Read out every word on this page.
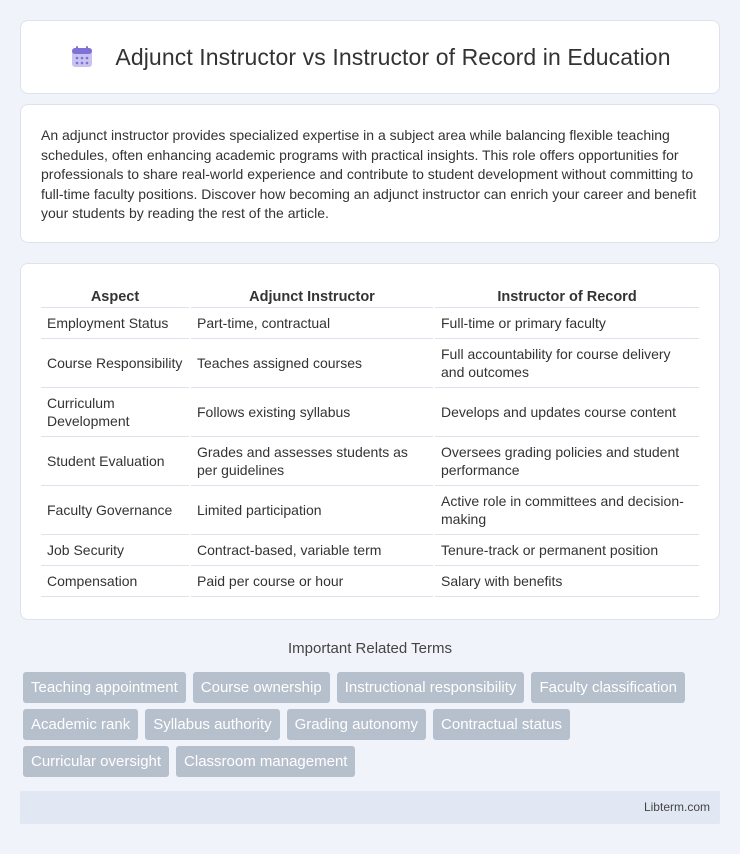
Adjunct Instructor vs Instructor of Record in Education

An adjunct instructor provides specialized expertise in a subject area while balancing flexible teaching schedules, often enhancing academic programs with practical insights. This role offers opportunities for professionals to share real-world experience and contribute to student development without committing to full-time faculty positions. Discover how becoming an adjunct instructor can enrich your career and benefit your students by reading the rest of the article.

Aspect	Adjunct Instructor	Instructor of Record
Employment Status	Part-time, contractual	Full-time or primary faculty
Course Responsibility	Teaches assigned courses	Full accountability for course delivery and outcomes
Curriculum Development	Follows existing syllabus	Develops and updates course content
Student Evaluation	Grades and assesses students as per guidelines	Oversees grading policies and student performance
Faculty Governance	Limited participation	Active role in committees and decision-making
Job Security	Contract-based, variable term	Tenure-track or permanent position
Compensation	Paid per course or hour	Salary with benefits
Important Related Terms
Teaching appointment	Course ownership	Instructional responsibility	Faculty classification
Academic rank	Syllabus authority	Grading autonomy	Contractual status
Curricular oversight	Classroom management
Libterm.com
